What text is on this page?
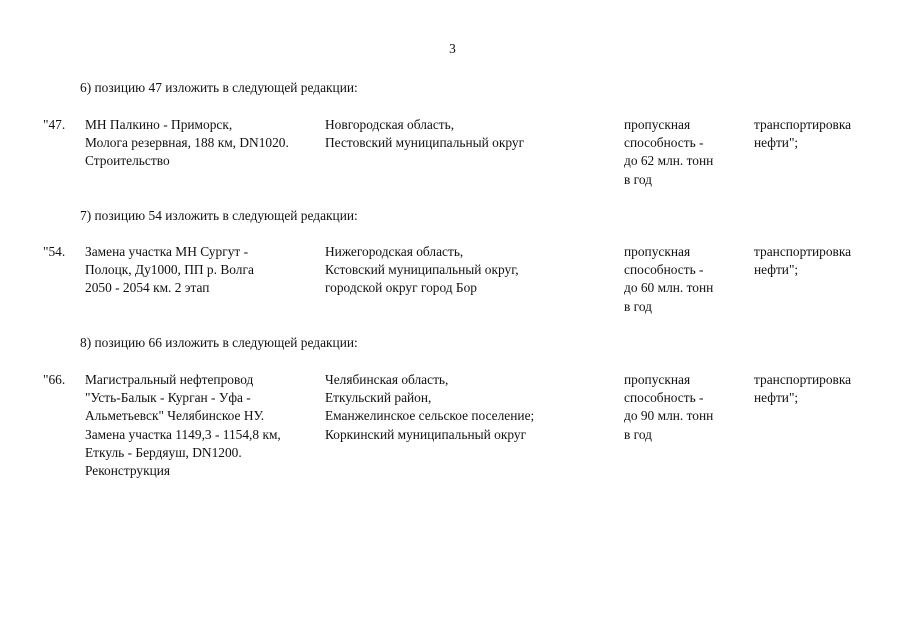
3
6) позицию 47 изложить в следующей редакции:
"47. МН Палкино - Приморск,
Молога резервная, 188 км, DN1020.
Строительство
Новгородская область,
Пестовский муниципальный округ
пропускная
способность -
до 62 млн. тонн
в год
транспортировка
нефти";
7) позицию 54 изложить в следующей редакции:
"54. Замена участка МН Сургут -
Полоцк, Ду1000, ПП р. Волга
2050 - 2054 км. 2 этап
Нижегородская область,
Кстовский муниципальный округ,
городской округ город Бор
пропускная
способность -
до 60 млн. тонн
в год
транспортировка
нефти";
8) позицию 66 изложить в следующей редакции:
"66. Магистральный нефтепровод
"Усть-Балык - Курган - Уфа -
Альметьевск" Челябинское НУ.
Замена участка 1149,3 - 1154,8 км,
Еткуль - Бердяуш, DN1200.
Реконструкция
Челябинская область,
Еткульский район,
Еманжелинское сельское поселение;
Коркинский муниципальный округ
пропускная
способность -
до 90 млн. тонн
в год
транспортировка
нефти";
